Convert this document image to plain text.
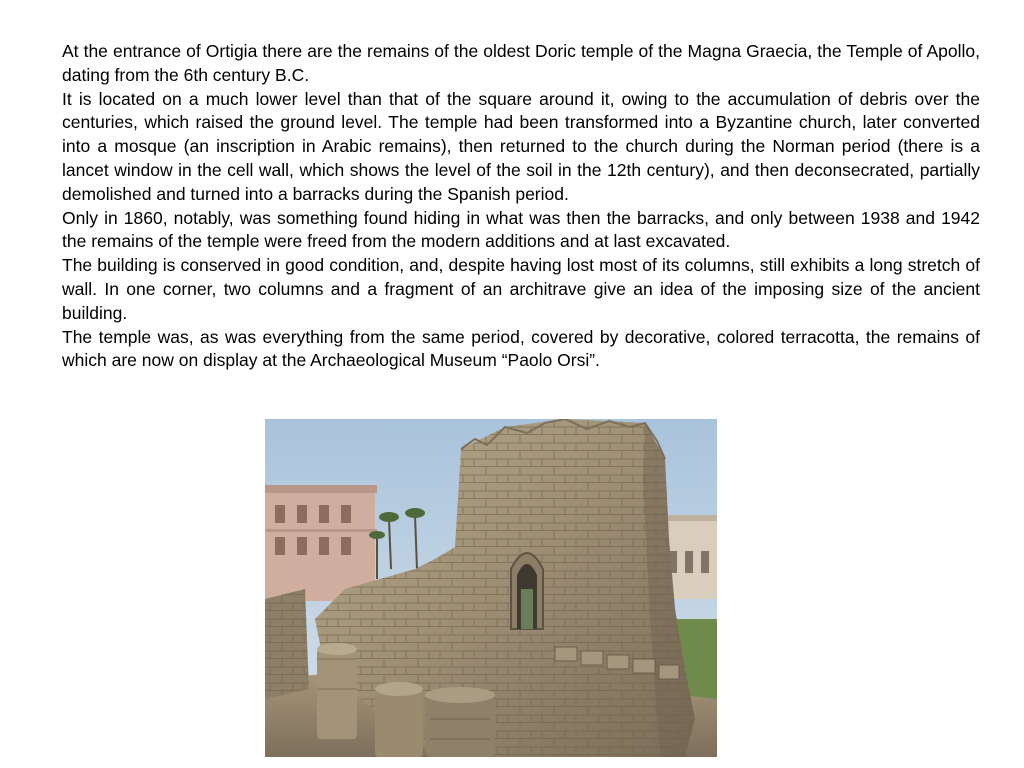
At the entrance of Ortigia there are the remains of the oldest Doric temple of the Magna Graecia, the Temple of Apollo, dating from the 6th century B.C.

It is located on a much lower level than that of the square around it, owing to the accumulation of debris over the centuries, which raised the ground level. The temple had been transformed into a Byzantine church, later converted into a mosque (an inscription in Arabic remains), then returned to the church during the Norman period (there is a lancet window in the cell wall, which shows the level of the soil in the 12th century), and then deconsecrated, partially demolished and turned into a barracks during the Spanish period.

Only in 1860, notably, was something found hiding in what was then the barracks, and only between 1938 and 1942 the remains of the temple were freed from the modern additions and at last excavated.

The building is conserved in good condition, and, despite having lost most of its columns, still exhibits a long stretch of wall. In one corner, two columns and a fragment of an architrave give an idea of the imposing size of the ancient building.

The temple was, as was everything from the same period, covered by decorative, colored terracotta, the remains of which are now on display at the Archaeological Museum “Paolo Orsi”.
